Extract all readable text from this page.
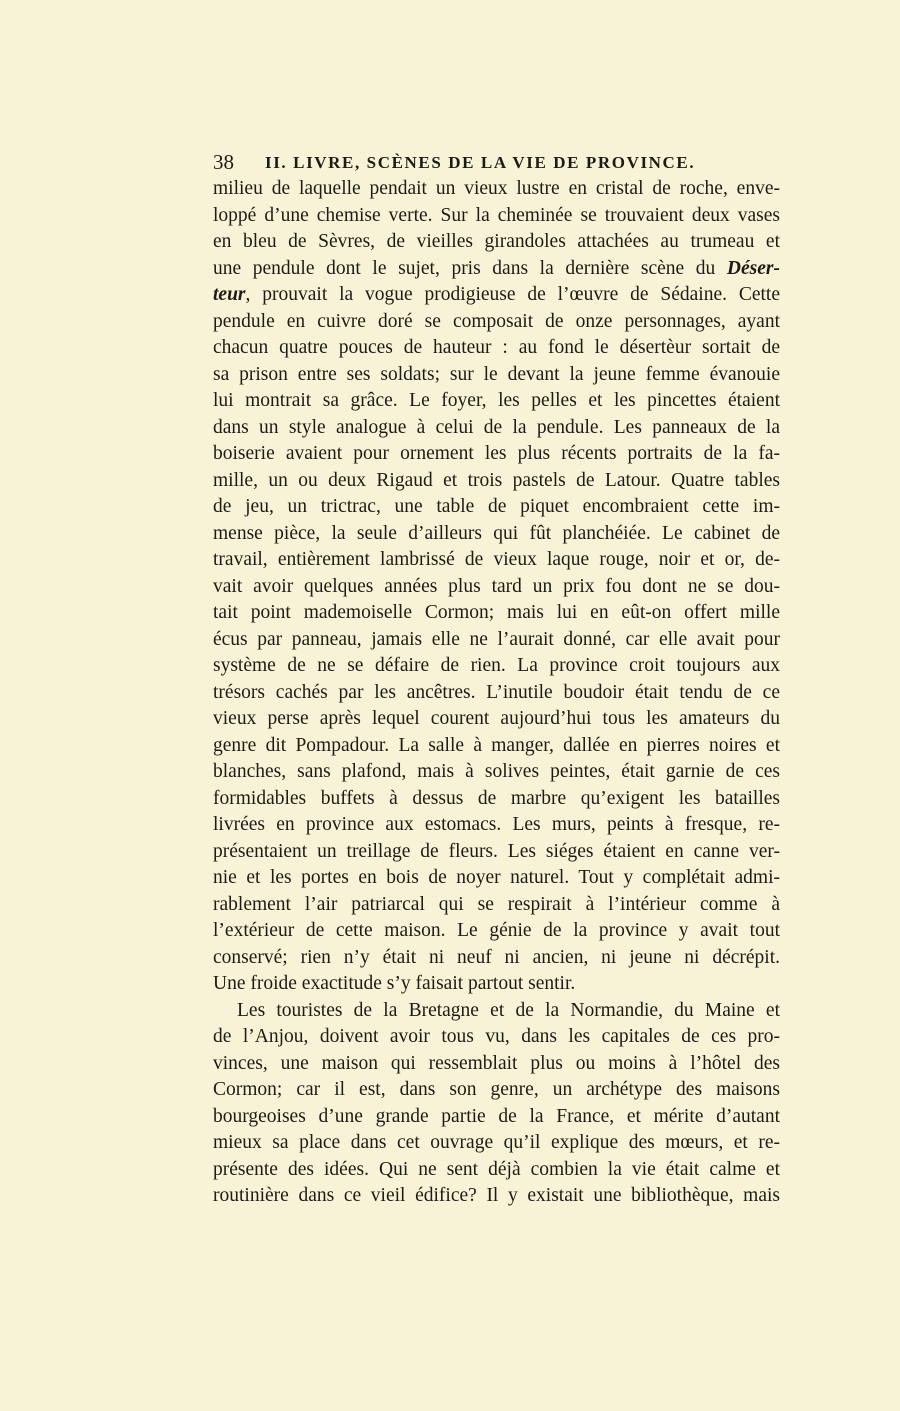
38 II. LIVRE, SCÈNES DE LA VIE DE PROVINCE.
milieu de laquelle pendait un vieux lustre en cristal de roche, enve-
loppé d’une chemise verte. Sur la cheminée se trouvaient deux vases
en bleu de Sèvres, de vieilles girandoles attachées au trumeau et
une pendule dont le sujet, pris dans la dernière scène du Déser-
teur, prouvait la vogue prodigieuse de l’œuvre de Sédaine. Cette
pendule en cuivre doré se composait de onze personnages, ayant
chacun quatre pouces de hauteur : au fond le désertèur sortait de
sa prison entre ses soldats; sur le devant la jeune femme évanouie
lui montrait sa grâce. Le foyer, les pelles et les pincettes étaient
dans un style analogue à celui de la pendule. Les panneaux de la
boiserie avaient pour ornement les plus récents portraits de la fa-
mille, un ou deux Rigaud et trois pastels de Latour. Quatre tables
de jeu, un trictrac, une table de piquet encombraient cette im-
mense pièce, la seule d’ailleurs qui fût planchéiée. Le cabinet de
travail, entièrement lambrissé de vieux laque rouge, noir et or, de-
vait avoir quelques années plus tard un prix fou dont ne se dou-
tait point mademoiselle Cormon; mais lui en eût-on offert mille
écus par panneau, jamais elle ne l’aurait donné, car elle avait pour
système de ne se défaire de rien. La province croit toujours aux
trésors cachés par les ancêtres. L’inutile boudoir était tendu de ce
vieux perse après lequel courent aujourd’hui tous les amateurs du
genre dit Pompadour. La salle à manger, dallée en pierres noires et
blanches, sans plafond, mais à solives peintes, était garnie de ces
formidables buffets à dessus de marbre qu’exigent les batailles
livrées en province aux estomacs. Les murs, peints à fresque, re-
présentaient un treillage de fleurs. Les siéges étaient en canne ver-
nie et les portes en bois de noyer naturel. Tout y complétait admi-
rablement l’air patriarcal qui se respirait à l’intérieur comme à
l’extérieur de cette maison. Le génie de la province y avait tout
conservé; rien n’y était ni neuf ni ancien, ni jeune ni décrépit.
Une froide exactitude s’y faisait partout sentir.
Les touristes de la Bretagne et de la Normandie, du Maine et
de l’Anjou, doivent avoir tous vu, dans les capitales de ces pro-
vinces, une maison qui ressemblait plus ou moins à l’hôtel des
Cormon; car il est, dans son genre, un archétype des maisons
bourgeoises d’une grande partie de la France, et mérite d’autant
mieux sa place dans cet ouvrage qu’il explique des mœurs, et re-
présente des idées. Qui ne sent déjà combien la vie était calme et
routinière dans ce vieil édifice? Il y existait une bibliothèque, mais
